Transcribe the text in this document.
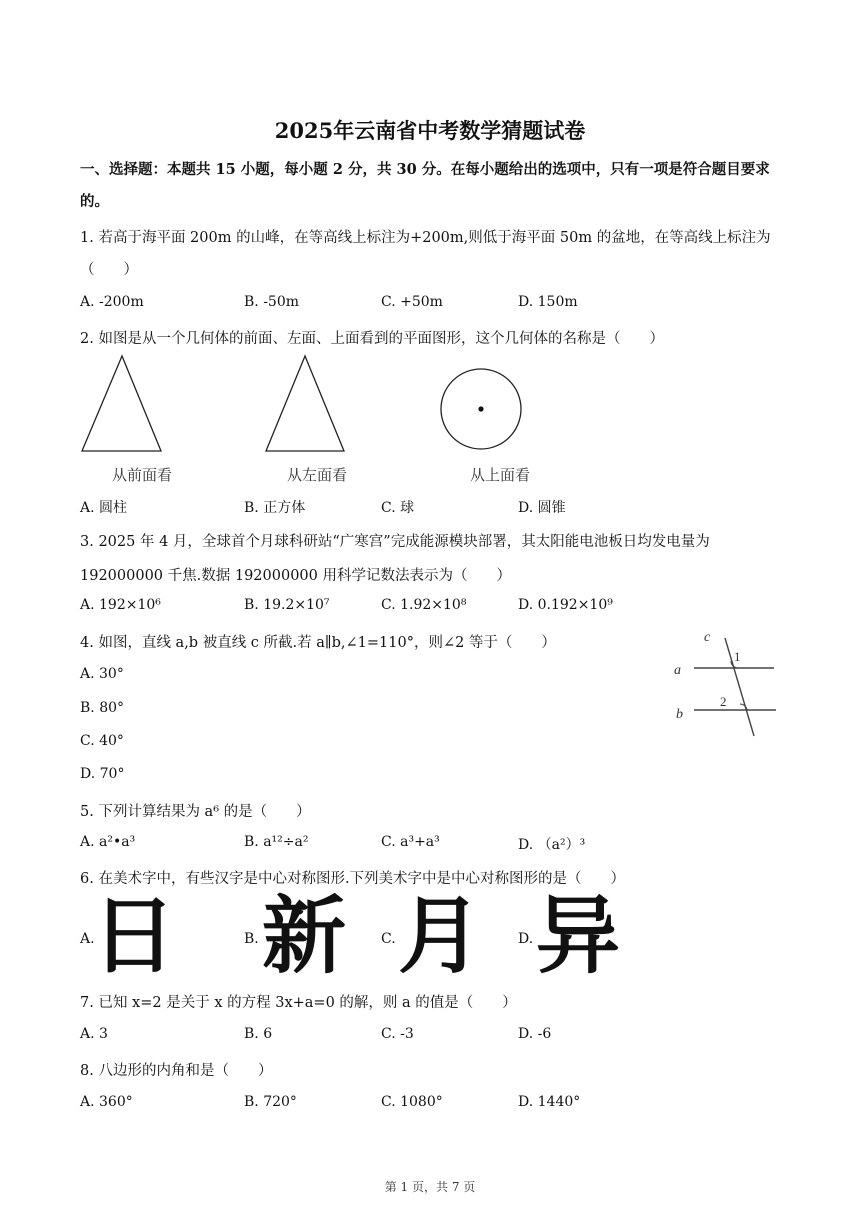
2025年云南省中考数学猜题试卷
一、选择题：本题共 15 小题，每小题 2 分，共 30 分。在每小题给出的选项中，只有一项是符合题目要求
的。
1. 若高于海平面 200m 的山峰，在等高线上标注为+200m,则低于海平面 50m 的盆地，在等高线上标注为
（　　）
A. -200m	B. -50m	C. +50m	D. 150m
2. 如图是从一个几何体的前面、左面、上面看到的平面图形，这个几何体的名称是（　　）
从前面看	从左面看	从上面看
A. 圆柱	B. 正方体	C. 球	D. 圆锥
3. 2025 年 4 月，全球首个月球科研站“广寒宫”完成能源模块部署，其太阳能电池板日均发电量为
192000000 千焦.数据 192000000 用科学记数法表示为（　　）
A. 192×10⁶	B. 19.2×10⁷	C. 1.92×10⁸	D. 0.192×10⁹
4. 如图，直线 a,b 被直线 c 所截.若 a∥b,∠1=110°，则∠2 等于（　　）	c
a
b
1
2
A. 30°
B. 80°
C. 40°
D. 70°
5. 下列计算结果为 a⁶ 的是（　　）
A. a²•a³	B. a¹²÷a²	C. a³+a³	D. （a²）³
6. 在美术字中，有些汉字是中心对称图形.下列美术字中是中心对称图形的是（　　）
A.	B.	C.	D.
日 新 月 异
7. 已知 x=2 是关于 x 的方程 3x+a=0 的解，则 a 的值是（　　）
A. 3	B. 6	C. -3	D. -6
8. 八边形的内角和是（　　）
A. 360°	B. 720°	C. 1080°	D. 1440°
第 1 页，共 7 页
